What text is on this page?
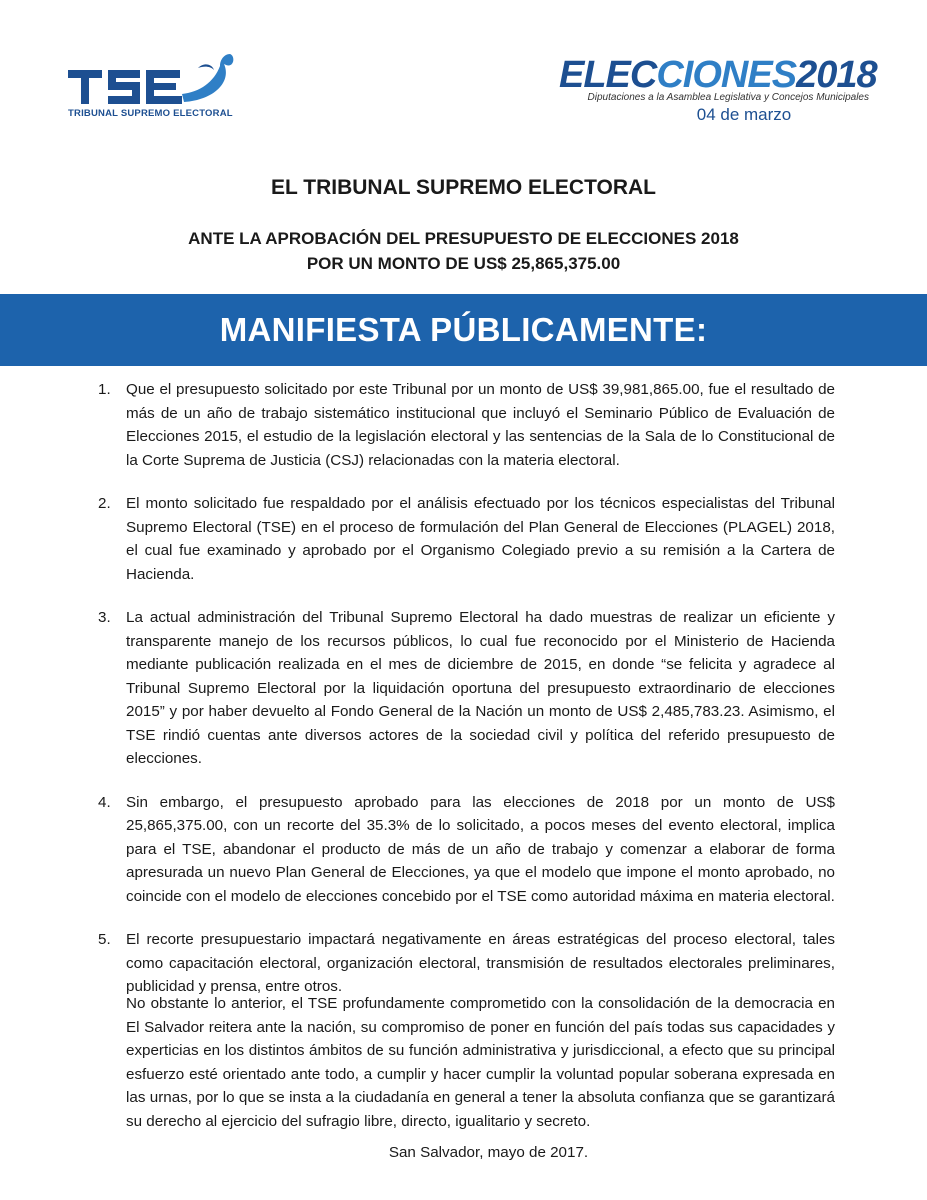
TRIBUNAL SUPREMO ELECTORAL
ELECCIONES2018
Diputaciones a la Asamblea Legislativa y Concejos Municipales
04 de marzo
EL TRIBUNAL SUPREMO ELECTORAL
ANTE LA APROBACIÓN DEL PRESUPUESTO DE ELECCIONES 2018
POR UN MONTO DE US$ 25,865,375.00
MANIFIESTA PÚBLICAMENTE:
1. Que el presupuesto solicitado por este Tribunal por un monto de US$ 39,981,865.00, fue el resultado de más de un año de trabajo sistemático institucional que incluyó el Seminario Público de Evaluación de Elecciones 2015, el estudio de la legislación electoral y las sentencias de la Sala de lo Constitucional de la Corte Suprema de Justicia (CSJ) relacionadas con la materia electoral.
2. El monto solicitado fue respaldado por el análisis efectuado por los técnicos especialistas del Tribunal Supremo Electoral (TSE) en el proceso de formulación del Plan General de Elecciones (PLAGEL) 2018, el cual fue examinado y aprobado por el Organismo Colegiado previo a su remisión a la Cartera de Hacienda.
3. La actual administración del Tribunal Supremo Electoral ha dado muestras de realizar un eficiente y transparente manejo de los recursos públicos, lo cual fue reconocido por el Ministerio de Hacienda mediante publicación realizada en el mes de diciembre de 2015, en donde “se felicita y agradece al Tribunal Supremo Electoral por la liquidación oportuna del presupuesto extraordinario de elecciones 2015” y por haber devuelto al Fondo General de la Nación un monto de US$ 2,485,783.23. Asimismo, el TSE rindió cuentas ante diversos actores de la sociedad civil y política del referido presupuesto de elecciones.
4. Sin embargo, el presupuesto aprobado para las elecciones de 2018 por un monto de US$ 25,865,375.00, con un recorte del 35.3% de lo solicitado, a pocos meses del evento electoral, implica para el TSE, abandonar el producto de más de un año de trabajo y comenzar a elaborar de forma apresurada un nuevo Plan General de Elecciones, ya que el modelo que impone el monto aprobado, no coincide con el modelo de elecciones concebido por el TSE como autoridad máxima en materia electoral.
5. El recorte presupuestario impactará negativamente en áreas estratégicas del proceso electoral, tales como capacitación electoral, organización electoral, transmisión de resultados electorales preliminares, publicidad y prensa, entre otros.
No obstante lo anterior, el TSE profundamente comprometido con la consolidación de la democracia en El Salvador reitera ante la nación, su compromiso de poner en función del país todas sus capacidades y experticias en los distintos ámbitos de su función administrativa y jurisdiccional, a efecto que su principal esfuerzo esté orientado ante todo, a cumplir y hacer cumplir la voluntad popular soberana expresada en las urnas, por lo que se insta a la ciudadanía en general a tener la absoluta confianza que se garantizará su derecho al ejercicio del sufragio libre, directo, igualitario y secreto.
San Salvador, mayo de 2017.
